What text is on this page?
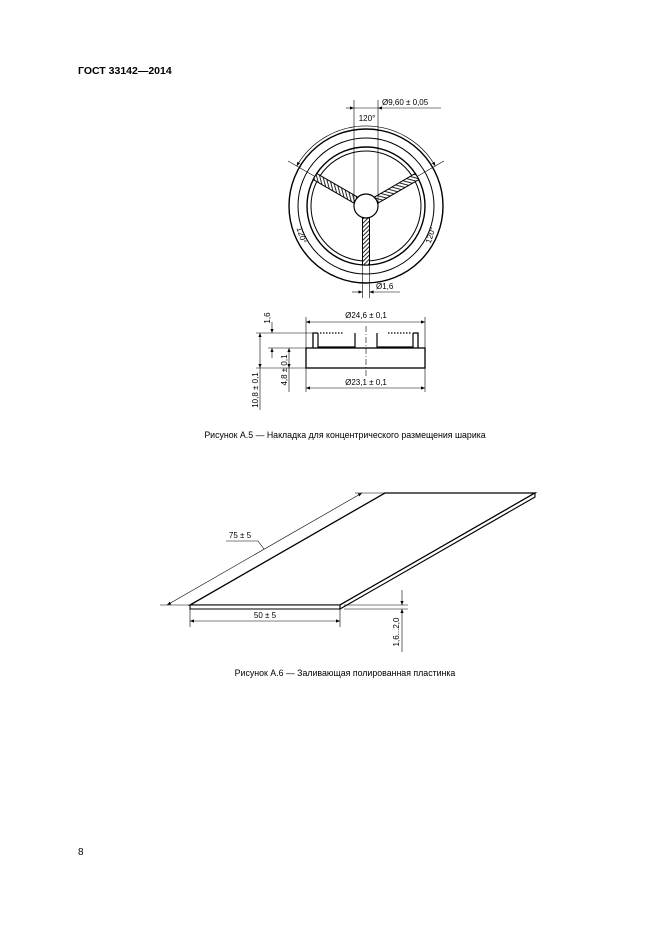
ГОСТ 33142—2014
Ø9,60 ± 0,05
120°
120°	120°
Ø1,6
Ø24,6 ± 0,1
Ø23,1 ± 0,1
1,6
4,8 ± 0,1
10,8 ± 0,1
75 ± 5
50 ± 5
1,6...2,0
Рисунок А.5 — Накладка для концентрического размещения шарика
Рисунок А.6 — Заливающая полированная пластинка
8
